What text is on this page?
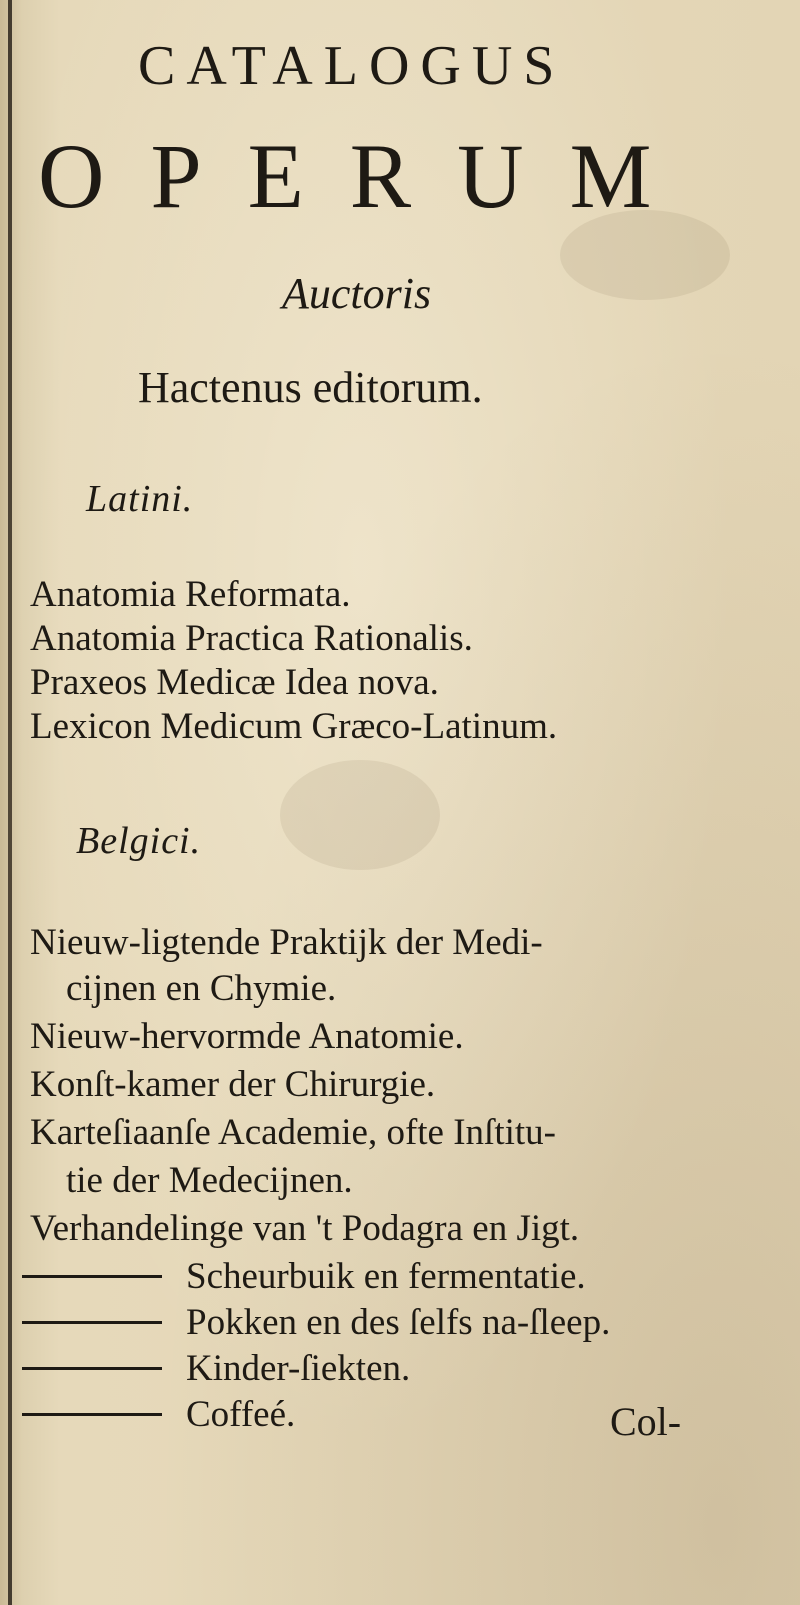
CATALOGUS
OPERUM
Auctoris
Hactenus editorum.
Latini.
Anatomia Reformata.
Anatomia Practica Rationalis.
Praxeos Medicæ Idea nova.
Lexicon Medicum Græco-Latinum.
Belgici.
Nieuw-ligtende Praktijk der Medi-
cijnen en Chymie.
Nieuw-hervormde Anatomie.
Konſt-kamer der Chirurgie.
Karteſiaanſe Academie, ofte Inſtitu-
tie der Medecijnen.
Verhandelinge van 't Podagra en Jigt.
Scheurbuik en fermentatie.
Pokken en des ſelfs na-ſleep.
Kinder-ſiekten.
Coffeé.	Col-
